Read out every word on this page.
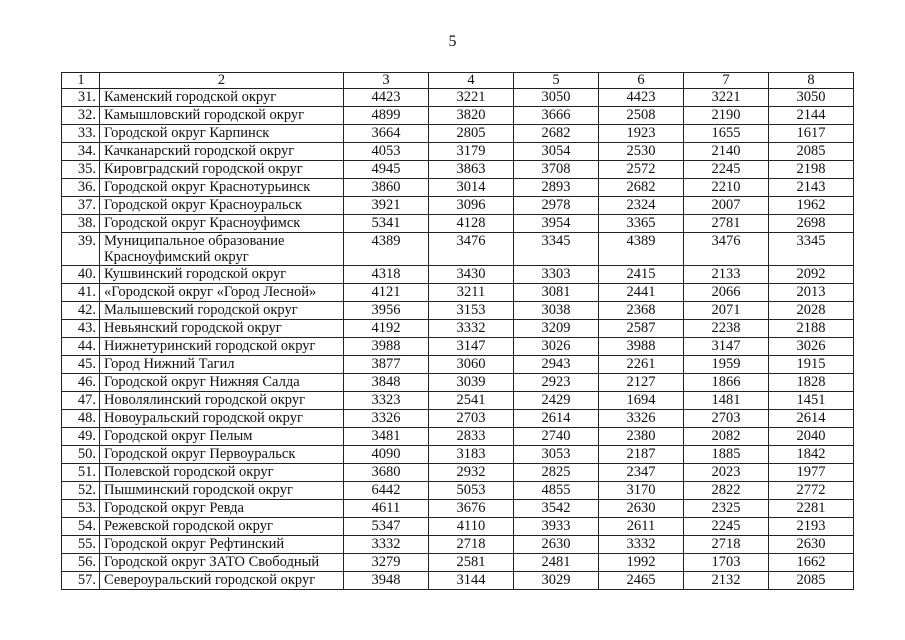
5
1	2	3	4	5	6	7	8
31.	Каменский городской округ	4423	3221	3050	4423	3221	3050
32.	Камышловский городской округ	4899	3820	3666	2508	2190	2144
33.	Городской округ Карпинск	3664	2805	2682	1923	1655	1617
34.	Качканарский городской округ	4053	3179	3054	2530	2140	2085
35.	Кировградский городской округ	4945	3863	3708	2572	2245	2198
36.	Городской округ Краснотурьинск	3860	3014	2893	2682	2210	2143
37.	Городской округ Красноуральск	3921	3096	2978	2324	2007	1962
38.	Городской округ Красноуфимск	5341	4128	3954	3365	2781	2698
39.	Муниципальное образование Красноуфимский округ	4389	3476	3345	4389	3476	3345
40.	Кушвинский городской округ	4318	3430	3303	2415	2133	2092
41.	«Городской округ «Город Лесной»	4121	3211	3081	2441	2066	2013
42.	Малышевский городской округ	3956	3153	3038	2368	2071	2028
43.	Невьянский городской округ	4192	3332	3209	2587	2238	2188
44.	Нижнетуринский городской округ	3988	3147	3026	3988	3147	3026
45.	Город Нижний Тагил	3877	3060	2943	2261	1959	1915
46.	Городской округ Нижняя Салда	3848	3039	2923	2127	1866	1828
47.	Новолялинский городской округ	3323	2541	2429	1694	1481	1451
48.	Новоуральский городской округ	3326	2703	2614	3326	2703	2614
49.	Городской округ Пелым	3481	2833	2740	2380	2082	2040
50.	Городской округ Первоуральск	4090	3183	3053	2187	1885	1842
51.	Полевской городской округ	3680	2932	2825	2347	2023	1977
52.	Пышминский городской округ	6442	5053	4855	3170	2822	2772
53.	Городской округ Ревда	4611	3676	3542	2630	2325	2281
54.	Режевской городской округ	5347	4110	3933	2611	2245	2193
55.	Городской округ Рефтинский	3332	2718	2630	3332	2718	2630
56.	Городской округ ЗАТО Свободный	3279	2581	2481	1992	1703	1662
57.	Североуральский городской округ	3948	3144	3029	2465	2132	2085
